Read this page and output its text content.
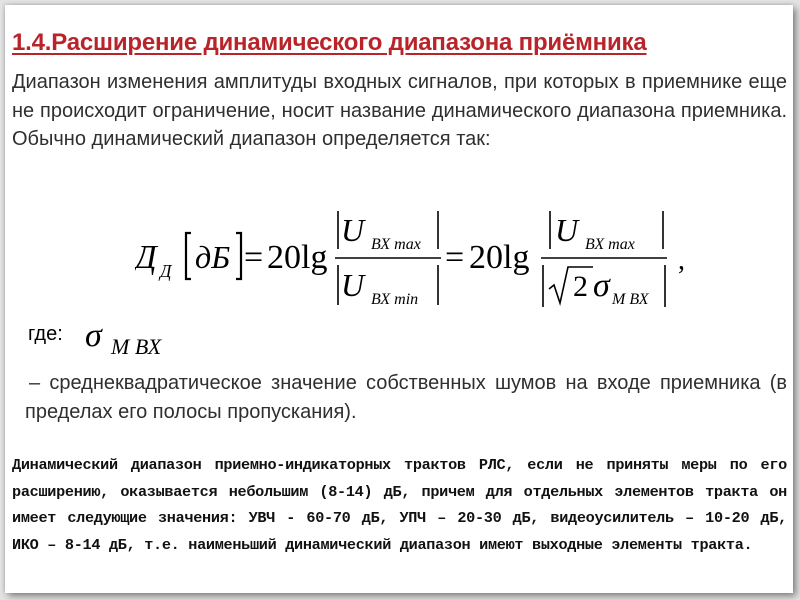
1.4.Расширение динамического диапазона приёмника
Диапазон изменения амплитуды входных сигналов, при которых в приемнике еще не происходит ограничение, носит название динамического диапазона приемника. Обычно динамический диапазон определяется так:
Д Д дБ = 20lg
U ВХ max
U ВХ min
= 20lg
U ВХ max
2 σ М ВХ
,
где: σ М ВХ
– среднеквадратическое значение собственных шумов на входе приемника (в пределах его полосы пропускания).
Динамический диапазон приемно-индикаторных трактов РЛС, если не приняты меры по его расширению, оказывается небольшим (8-14) дБ, причем для отдельных элементов тракта он имеет следующие значения: УВЧ - 60-70 дБ, УПЧ – 20-30 дБ, видеоусилитель – 10-20 дБ, ИКО – 8-14 дБ, т.е. наименьший динамический диапазон имеют выходные элементы тракта.
